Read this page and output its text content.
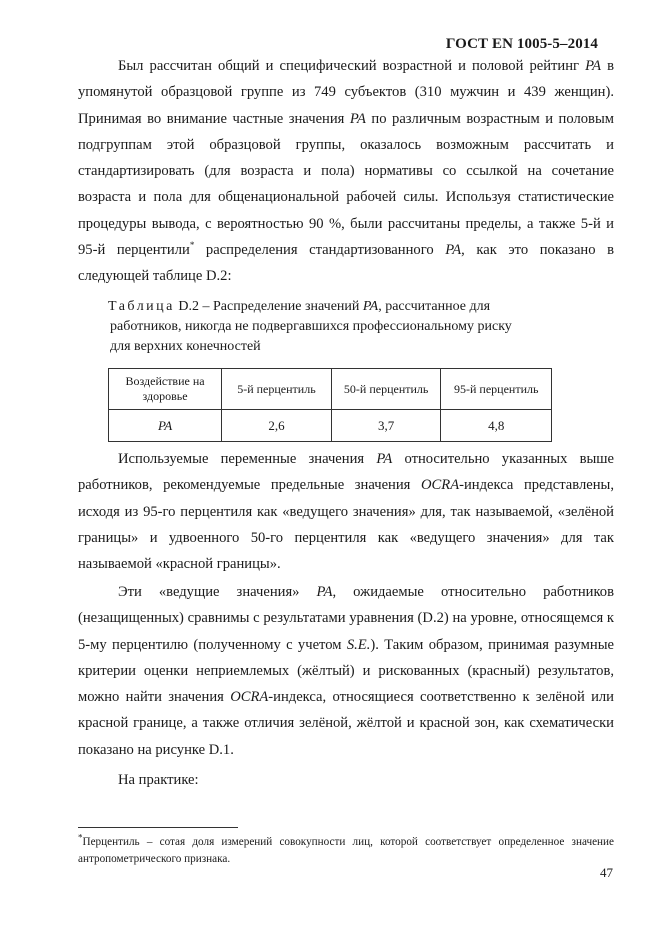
ГОСТ EN 1005-5–2014

Был рассчитан общий и специфический возрастной и половой рейтинг PA в упомянутой образцовой группе из 749 субъектов (310 мужчин и 439 женщин). Принимая во внимание частные значения PA по различным возрастным и половым подгруппам этой образцовой группы, оказалось возможным рассчитать и стандартизировать (для возраста и пола) нормативы со ссылкой на сочетание возраста и пола для общенациональной рабочей силы. Используя статистические процедуры вывода, с вероятностью 90 %, были рассчитаны пределы, а также 5-й и 95-й перцентили* распределения стандартизованного PA, как это показано в следующей таблице D.2:

Таблица D.2 – Распределение значений PA, рассчитанное для
работников, никогда не подвергавшихся профессиональному риску
для верхних конечностей
Воздействие на здоровье	5-й перцентиль	50-й перцентиль	95-й перцентиль
PA	2,6	3,7	4,8

Используемые переменные значения PA относительно указанных выше работников, рекомендуемые предельные значения OCRA-индекса представлены, исходя из 95-го перцентиля как «ведущего значения» для, так называемой, «зелёной границы» и удвоенного 50-го перцентиля как «ведущего значения» для так называемой «красной границы».

Эти «ведущие значения» PA, ожидаемые относительно работников (незащищенных) сравнимы с результатами уравнения (D.2) на уровне, относящемся к 5-му перцентилю (полученному с учетом S.E.). Таким образом, принимая разумные критерии оценки неприемлемых (жёлтый) и рискованных (красный) результатов, можно найти значения OCRA-индекса, относящиеся соответственно к зелёной или красной границе, а также отличия зелёной, жёлтой и красной зон, как схематически показано на рисунке D.1.

На практике:

*Перцентиль – сотая доля измерений совокупности лиц, которой соответствует определенное значение антропометрического признака.
47
